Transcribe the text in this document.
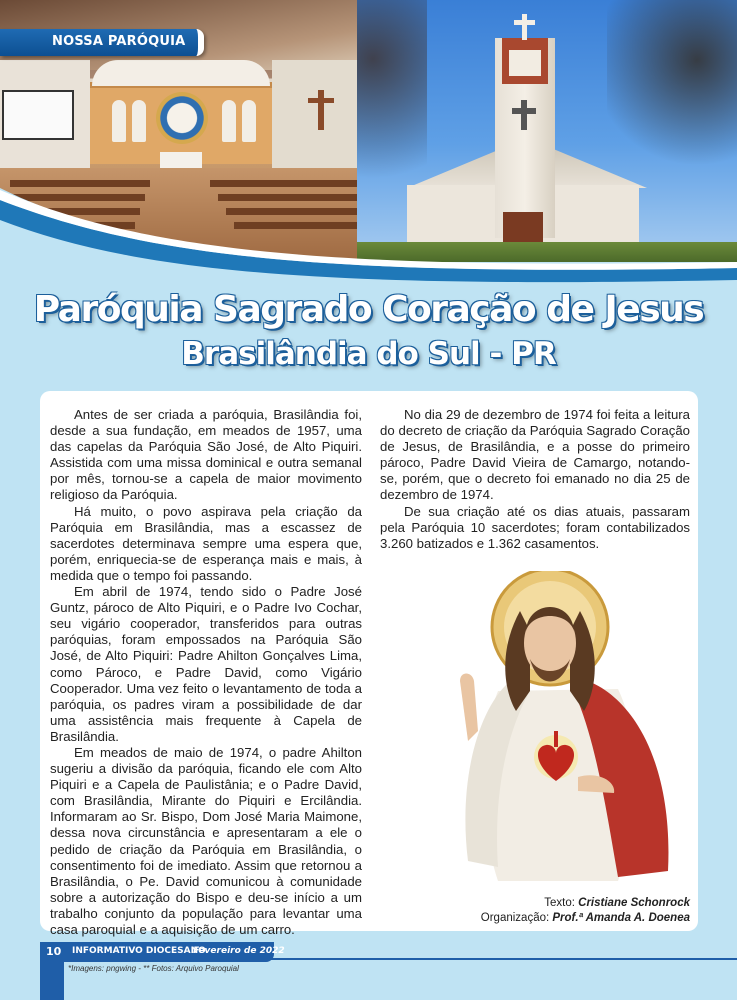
NOSSA PARÓQUIA
Paróquia Sagrado Coração de Jesus
Brasilândia do Sul - PR

Antes de ser criada a paróquia, Brasilândia foi, desde a sua fundação, em meados de 1957, uma das capelas da Paróquia São José, de Alto Piquiri. Assistida com uma missa dominical e outra semanal por mês, tornou-se a capela de maior movimento religioso da Paróquia.

Há muito, o povo aspirava pela criação da Paróquia em Brasilândia, mas a escassez de sacerdotes determinava sempre uma espera que, porém, enriquecia-se de esperança mais e mais, à medida que o tempo foi passando.

Em abril de 1974, tendo sido o Padre José Guntz, pároco de Alto Piquiri, e o Padre Ivo Cochar, seu vigário cooperador, transferidos para outras paróquias, foram empossados na Paróquia São José, de Alto Piquiri: Padre Ahilton Gonçalves Lima, como Pároco, e Padre David, como Vigário Cooperador. Uma vez feito o levantamento de toda a paróquia, os padres viram a possibilidade de dar uma assistência mais frequente à Capela de Brasilândia.

Em meados de maio de 1974, o padre Ahilton sugeriu a divisão da paróquia, ficando ele com Alto Piquiri e a Capela de Paulistânia; e o Padre David, com Brasilândia, Mirante do Piquiri e Ercilândia. Informaram ao Sr. Bispo, Dom José Maria Maimone, dessa nova circunstância e apresentaram a ele o pedido de criação da Paróquia em Brasilândia, o consentimento foi de imediato. Assim que retornou a Brasilândia, o Pe. David comunicou à comunidade sobre a autorização do Bispo e deu-se início a um trabalho conjunto da população para levantar uma casa paroquial e a aquisição de um carro.

No dia 29 de dezembro de 1974 foi feita a leitura do decreto de criação da Paróquia Sagrado Coração de Jesus, de Brasilândia, e a posse do primeiro pároco, Padre David Vieira de Camargo, notando-se, porém, que o decreto foi emanado no dia 25 de dezembro de 1974.

De sua criação até os dias atuais, passaram pela Paróquia 10 sacerdotes; foram contabilizados 3.260 batizados e 1.362 casamentos.

Texto: Cristiane Schonrock
Organização: Prof.ª Amanda A. Doenea
10 INFORMATIVO DIOCESANO
Fevereiro de 2022
*Imagens: pngwing - ** Fotos: Arquivo Paroquial
